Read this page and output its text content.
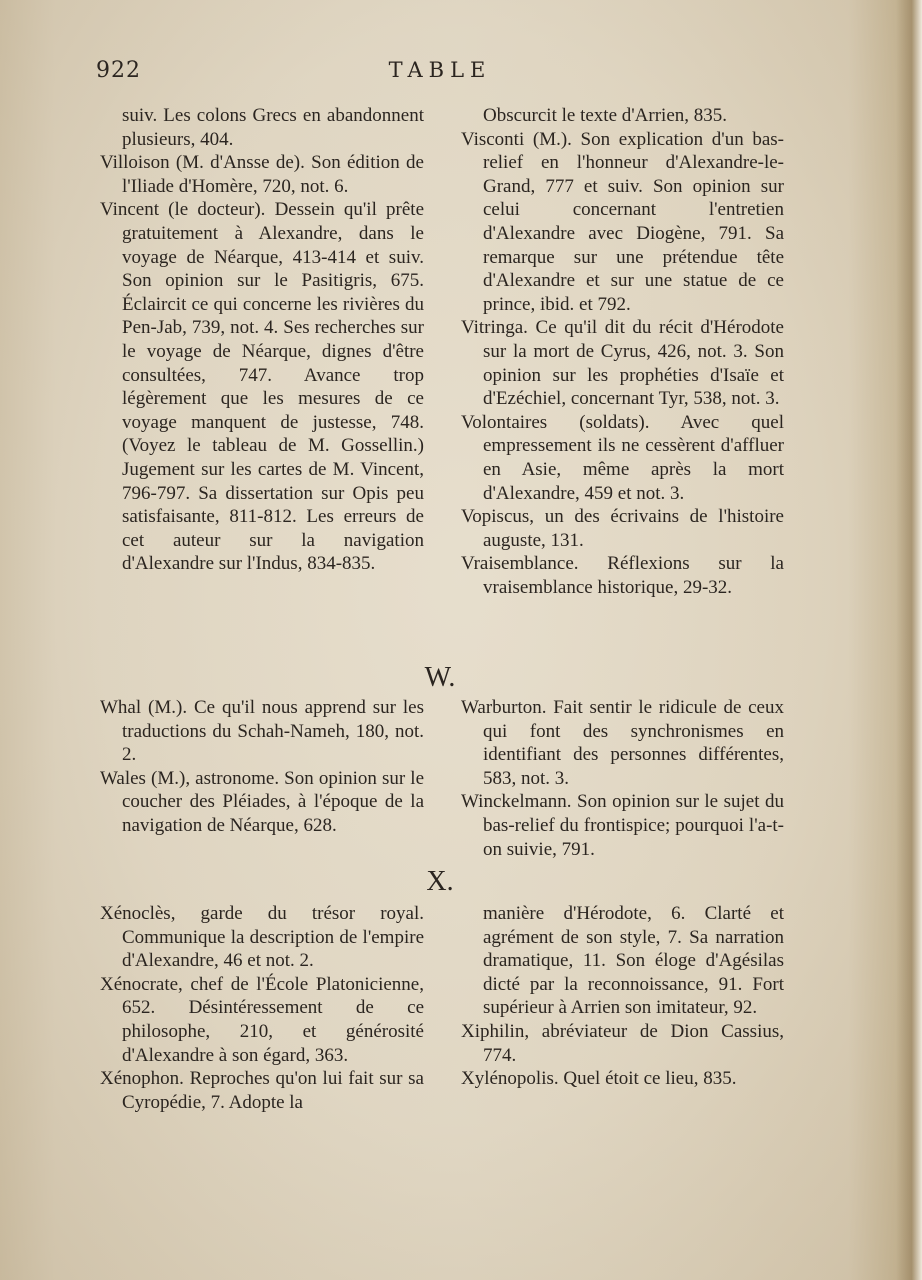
922	TABLE

suiv. Les colons Grecs en abandonnent plusieurs, 404.

Villoison (M. d'Ansse de). Son édition de l'Iliade d'Homère, 720, not. 6.

Vincent (le docteur). Dessein qu'il prête gratuitement à Alexandre, dans le voyage de Néarque, 413-414 et suiv. Son opinion sur le Pasitigris, 675. Éclaircit ce qui concerne les rivières du Pen-Jab, 739, not. 4. Ses recherches sur le voyage de Néarque, dignes d'être consultées, 747. Avance trop légèrement que les mesures de ce voyage manquent de justesse, 748. (Voyez le tableau de M. Gossellin.) Jugement sur les cartes de M. Vincent, 796-797. Sa dissertation sur Opis peu satisfaisante, 811-812. Les erreurs de cet auteur sur la navigation d'Alexandre sur l'Indus, 834-835.

Obscurcit le texte d'Arrien, 835.

Visconti (M.). Son explication d'un bas-relief en l'honneur d'Alexandre-le-Grand, 777 et suiv. Son opinion sur celui concernant l'entretien d'Alexandre avec Diogène, 791. Sa remarque sur une prétendue tête d'Alexandre et sur une statue de ce prince, ibid. et 792.

Vitringa. Ce qu'il dit du récit d'Hérodote sur la mort de Cyrus, 426, not. 3. Son opinion sur les prophéties d'Isaïe et d'Ezéchiel, concernant Tyr, 538, not. 3.

Volontaires (soldats). Avec quel empressement ils ne cessèrent d'affluer en Asie, même après la mort d'Alexandre, 459 et not. 3.

Vopiscus, un des écrivains de l'histoire auguste, 131.

Vraisemblance. Réflexions sur la vraisemblance historique, 29-32.

W.

Whal (M.). Ce qu'il nous apprend sur les traductions du Schah-Nameh, 180, not. 2.

Wales (M.), astronome. Son opinion sur le coucher des Pléiades, à l'époque de la navigation de Néarque, 628.

Warburton. Fait sentir le ridicule de ceux qui font des synchronismes en identifiant des personnes différentes, 583, not. 3.

Winckelmann. Son opinion sur le sujet du bas-relief du frontispice; pourquoi l'a-t-on suivie, 791.

X.

Xénoclès, garde du trésor royal. Communique la description de l'empire d'Alexandre, 46 et not. 2.

Xénocrate, chef de l'École Platonicienne, 652. Désintéressement de ce philosophe, 210, et générosité d'Alexandre à son égard, 363.

Xénophon. Reproches qu'on lui fait sur sa Cyropédie, 7. Adopte la

manière d'Hérodote, 6. Clarté et agrément de son style, 7. Sa narration dramatique, 11. Son éloge d'Agésilas dicté par la reconnoissance, 91. Fort supérieur à Arrien son imitateur, 92.

Xiphilin, abréviateur de Dion Cassius, 774.

Xylénopolis. Quel étoit ce lieu, 835.
